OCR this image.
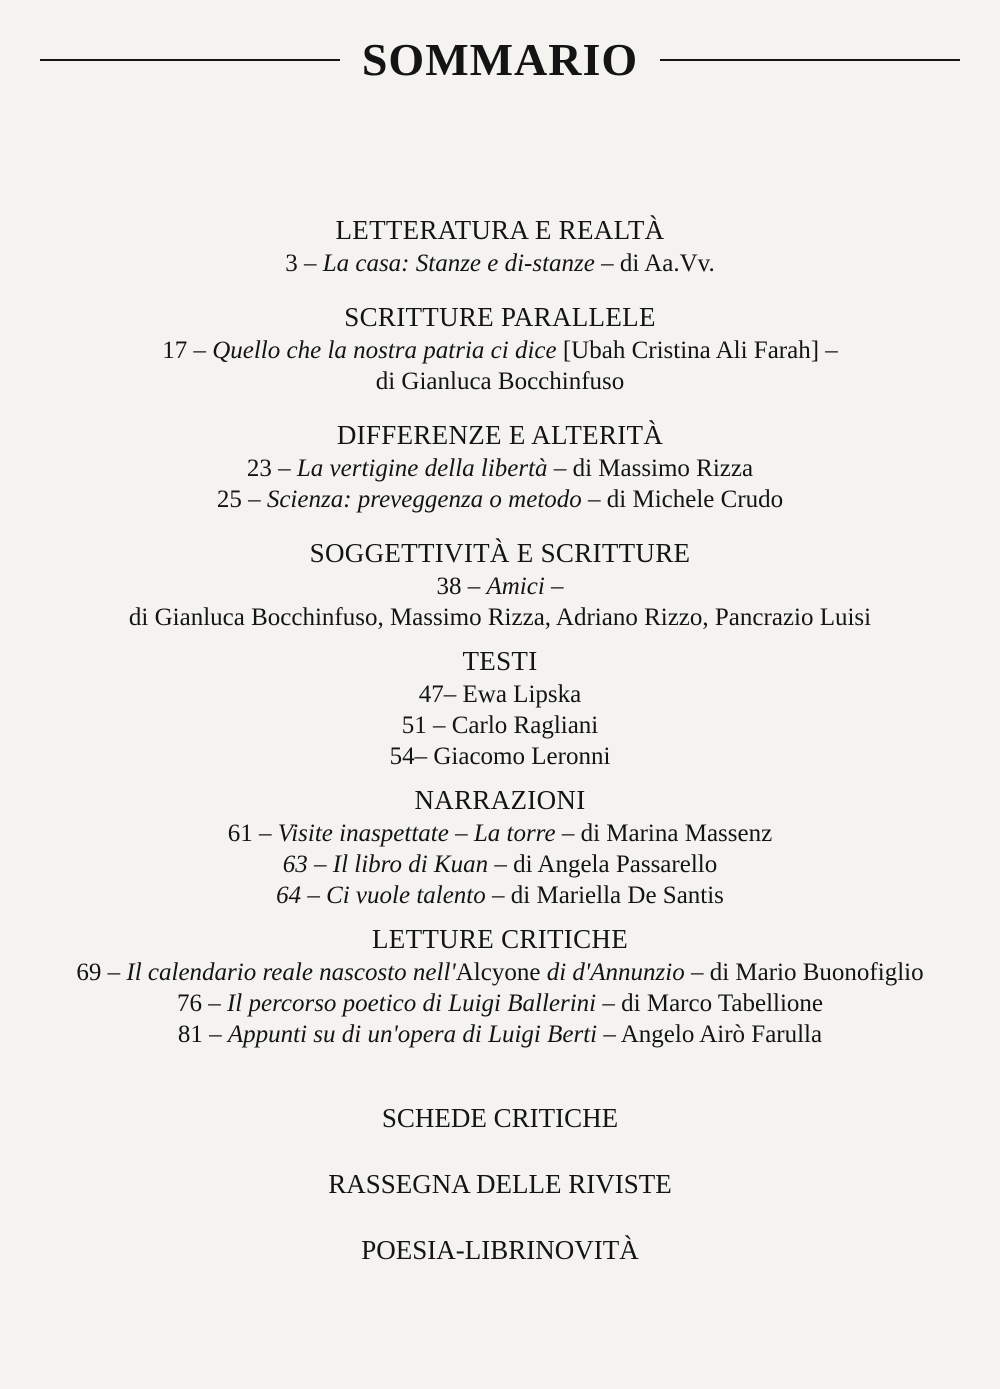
SOMMARIO
LETTERATURA E REALTÀ
3 – La casa: Stanze e di-stanze – di Aa.Vv.
SCRITTURE PARALLELE
17 – Quello che la nostra patria ci dice [Ubah Cristina Ali Farah] –
di Gianluca Bocchinfuso
DIFFERENZE E ALTERITÀ
23 – La vertigine della libertà – di Massimo Rizza
25 – Scienza: preveggenza o metodo – di Michele Crudo
SOGGETTIVITÀ E SCRITTURE
38 – Amici –
di Gianluca Bocchinfuso, Massimo Rizza, Adriano Rizzo, Pancrazio Luisi
TESTI
47– Ewa Lipska
51 – Carlo Ragliani
54– Giacomo Leronni
NARRAZIONI
61 – Visite inaspettate – La torre – di Marina Massenz
63 – Il libro di Kuan – di Angela Passarello
64 – Ci vuole talento – di Mariella De Santis
LETTURE CRITICHE
69 – Il calendario reale nascosto nell'Alcyone di d'Annunzio – di Mario Buonofiglio
76 – Il percorso poetico di Luigi Ballerini – di Marco Tabellione
81 – Appunti su di un'opera di Luigi Berti – Angelo Airò Farulla
SCHEDE CRITICHE
RASSEGNA DELLE RIVISTE
POESIA-LIBRINOVITÀ
